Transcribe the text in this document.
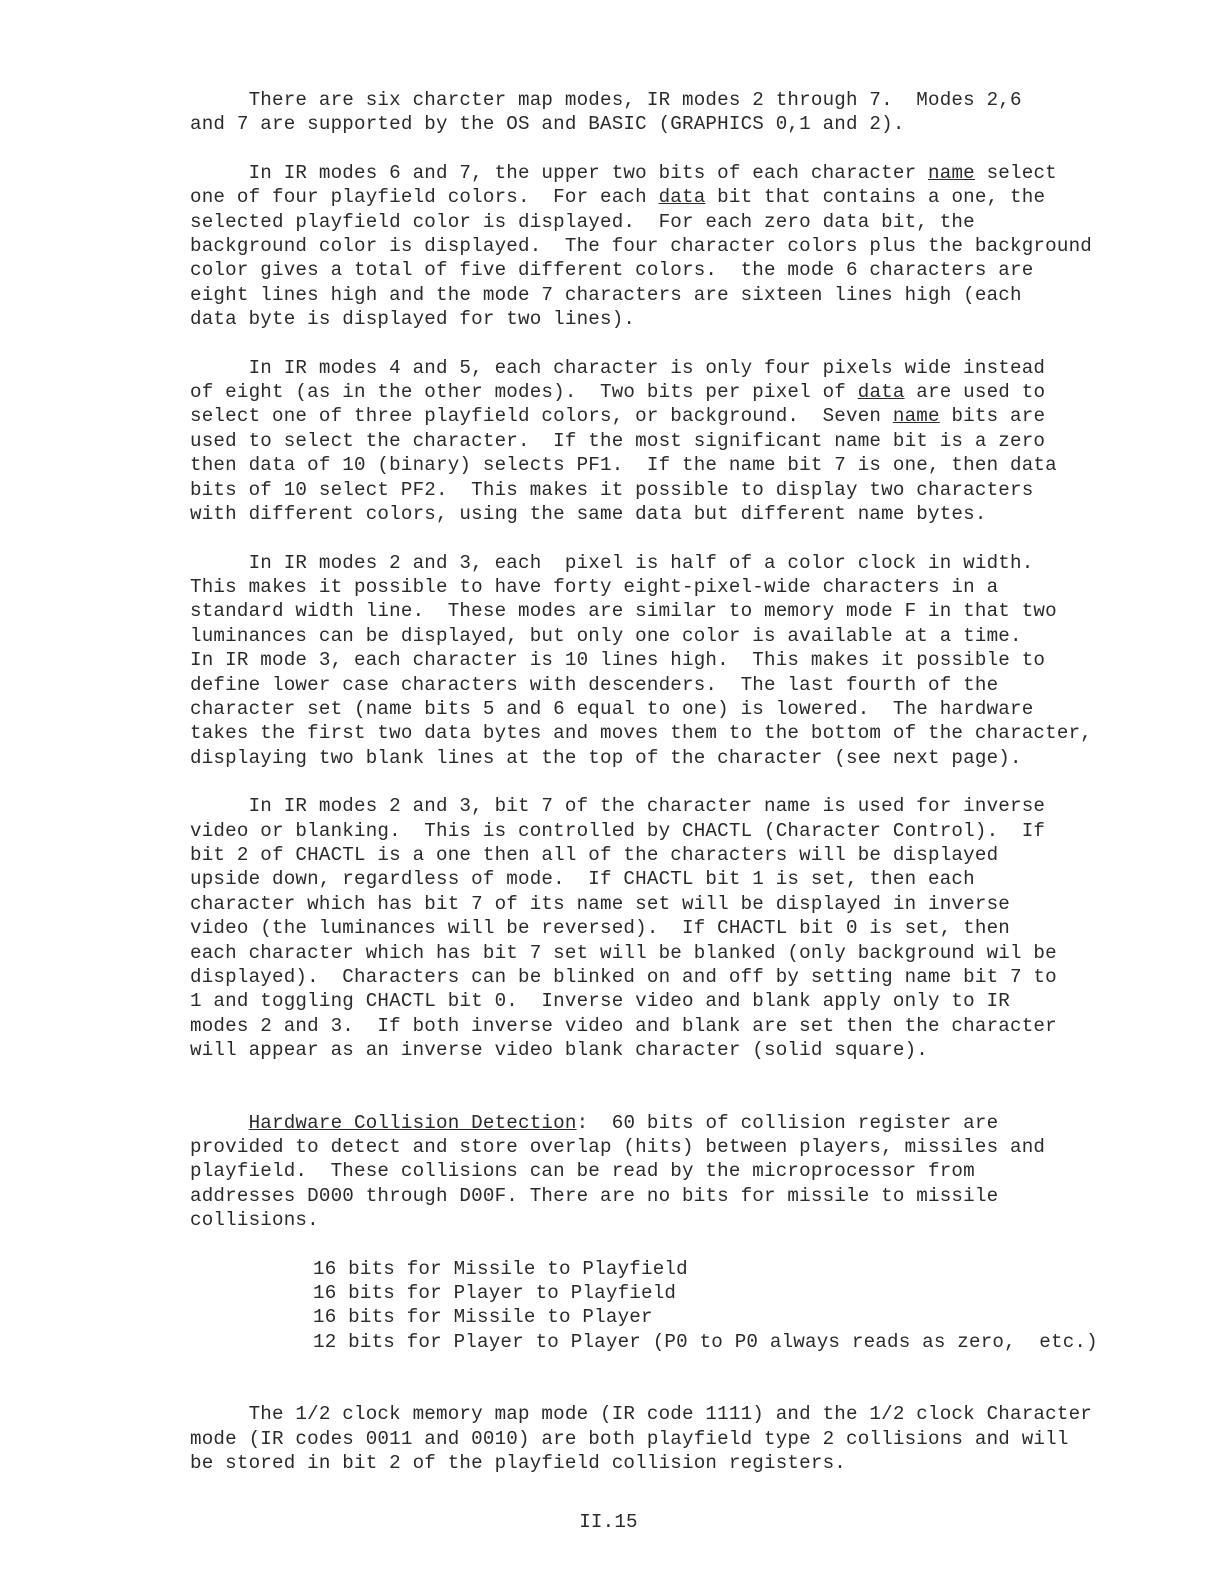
There are six charcter map modes, IR modes 2 through 7.  Modes 2,6
and 7 are supported by the OS and BASIC (GRAPHICS 0,1 and 2).

In IR modes 6 and 7, the upper two bits of each character name select
one of four playfield colors.  For each data bit that contains a one, the
selected playfield color is displayed.  For each zero data bit, the
background color is displayed.  The four character colors plus the background
color gives a total of five different colors.  the mode 6 characters are
eight lines high and the mode 7 characters are sixteen lines high (each
data byte is displayed for two lines).

In IR modes 4 and 5, each character is only four pixels wide instead
of eight (as in the other modes).  Two bits per pixel of data are used to
select one of three playfield colors, or background.  Seven name bits are
used to select the character.  If the most significant name bit is a zero
then data of 10 (binary) selects PF1.  If the name bit 7 is one, then data
bits of 10 select PF2.  This makes it possible to display two characters
with different colors, using the same data but different name bytes.

In IR modes 2 and 3, each  pixel is half of a color clock in width.
This makes it possible to have forty eight-pixel-wide characters in a
standard width line.  These modes are similar to memory mode F in that two
luminances can be displayed, but only one color is available at a time.
In IR mode 3, each character is 10 lines high.  This makes it possible to
define lower case characters with descenders.  The last fourth of the
character set (name bits 5 and 6 equal to one) is lowered.  The hardware
takes the first two data bytes and moves them to the bottom of the character,
displaying two blank lines at the top of the character (see next page).

In IR modes 2 and 3, bit 7 of the character name is used for inverse
video or blanking.  This is controlled by CHACTL (Character Control).  If
bit 2 of CHACTL is a one then all of the characters will be displayed
upside down, regardless of mode.  If CHACTL bit 1 is set, then each
character which has bit 7 of its name set will be displayed in inverse
video (the luminances will be reversed).  If CHACTL bit 0 is set, then
each character which has bit 7 set will be blanked (only background wil be
displayed).  Characters can be blinked on and off by setting name bit 7 to
1 and toggling CHACTL bit 0.  Inverse video and blank apply only to IR
modes 2 and 3.  If both inverse video and blank are set then the character
will appear as an inverse video blank character (solid square).

Hardware Collision Detection:  60 bits of collision register are
provided to detect and store overlap (hits) between players, missiles and
playfield.  These collisions can be read by the microprocessor from
addresses D000 through D00F. There are no bits for missile to missile
collisions.

16 bits for Missile to Playfield
16 bits for Player to Playfield
16 bits for Missile to Player
12 bits for Player to Player (P0 to P0 always reads as zero,  etc.)

The 1/2 clock memory map mode (IR code 1111) and the 1/2 clock Character
mode (IR codes 0011 and 0010) are both playfield type 2 collisions and will
be stored in bit 2 of the playfield collision registers.

II.15
